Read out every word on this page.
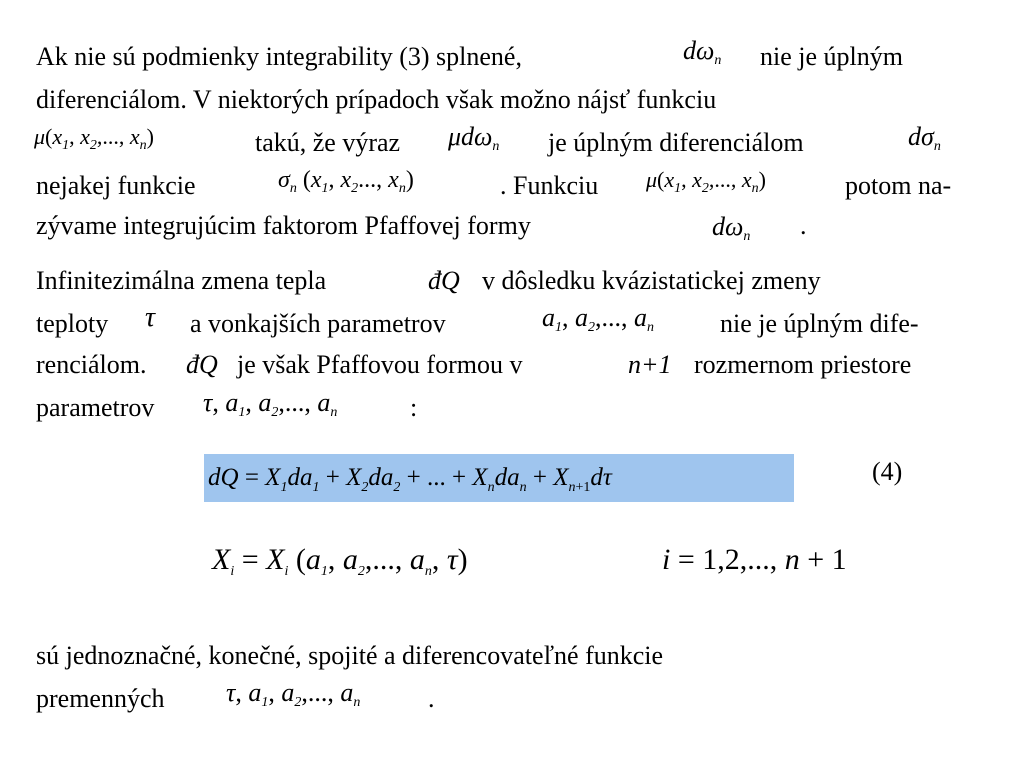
Ak nie sú podmienky integrability (3) splnené,	$d\omega_n$ nie je úplným
diferenciálom. V niektorých prípadoch však možno nájsť funkciu
$\mu(x_1$, $x_2$,..., $x_n$)	takú, že výraz μdω$_n$ je úplným diferenciálom	$d\sigma_n$
nejakej funkcie	$\sigma_n$ ($x_1$, $x_2$..., $x_n$)	. Funkciu $\mu(x_1$, $x_2$,..., $x_n$)	potom na-
zývame integrujúcim faktorom Pfaffovej formy	$d\omega_n$ .
Infinitezimálna zmena tepla	đQ v dôsledku kvázistatickej zmeny
teploty τ a vonkajších parametrov	$a_1$, $a_2$,..., $a_n$	nie je úplným dife-
renciálom. đQ je však Pfaffovou formou v	n+1 rozmernom priestore
parametrov τ, $a_1$, $a_2$,..., $a_n$	:
dQ = $X_1da_1 + X_2da_2$ + ... + $X_nda_n + X_{n+1}d\tau$	(4)
$X_i = X_i$ ($a_1$, $a_2$,..., $a_n$, τ)	i = 1,2,..., n + 1
sú jednoznačné, konečné, spojité a diferencovateľné funkcie
premenných τ, $a_1$, $a_2$,..., $a_n$	.
